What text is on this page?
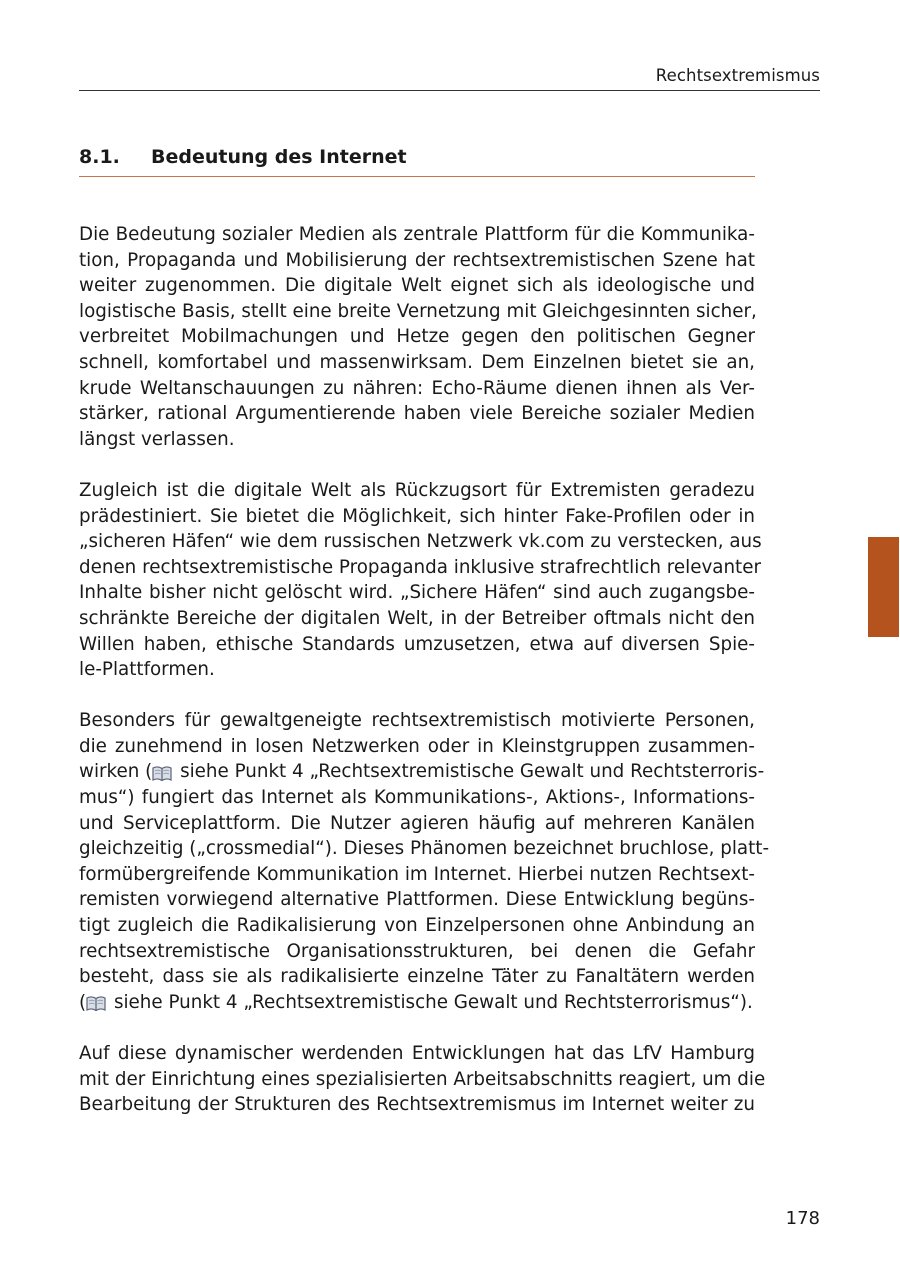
Rechtsextremismus
8.1. Bedeutung des Internet
Die Bedeutung sozialer Medien als zentrale Plattform für die Kommunika-
tion, Propaganda und Mobilisierung der rechtsextremistischen Szene hat
weiter zugenommen. Die digitale Welt eignet sich als ideologische und
logistische Basis, stellt eine breite Vernetzung mit Gleichgesinnten sicher,
verbreitet Mobilmachungen und Hetze gegen den politischen Gegner
schnell, komfortabel und massenwirksam. Dem Einzelnen bietet sie an,
krude Weltanschauungen zu nähren: Echo-Räume dienen ihnen als Ver-
stärker, rational Argumentierende haben viele Bereiche sozialer Medien
längst verlassen.
Zugleich ist die digitale Welt als Rückzugsort für Extremisten geradezu
prädestiniert. Sie bietet die Möglichkeit, sich hinter Fake-Profilen oder in
„sicheren Häfen“ wie dem russischen Netzwerk vk.com zu verstecken, aus
denen rechtsextremistische Propaganda inklusive strafrechtlich relevanter
Inhalte bisher nicht gelöscht wird. „Sichere Häfen“ sind auch zugangsbe-
schränkte Bereiche der digitalen Welt, in der Betreiber oftmals nicht den
Willen haben, ethische Standards umzusetzen, etwa auf diversen Spie-
le-Plattformen.
Besonders für gewaltgeneigte rechtsextremistisch motivierte Personen,
die zunehmend in losen Netzwerken oder in Kleinstgruppen zusammen-
wirken ( siehe Punkt 4 „Rechtsextremistische Gewalt und Rechtsterroris-
mus“) fungiert das Internet als Kommunikations-, Aktions-, Informations-
und Serviceplattform. Die Nutzer agieren häufig auf mehreren Kanälen
gleichzeitig („crossmedial“). Dieses Phänomen bezeichnet bruchlose, platt-
formübergreifende Kommunikation im Internet. Hierbei nutzen Rechtsext-
remisten vorwiegend alternative Plattformen. Diese Entwicklung begüns-
tigt zugleich die Radikalisierung von Einzelpersonen ohne Anbindung an
rechtsextremistische Organisationsstrukturen, bei denen die Gefahr
besteht, dass sie als radikalisierte einzelne Täter zu Fanaltätern werden
( siehe Punkt 4 „Rechtsextremistische Gewalt und Rechtsterrorismus“).
Auf diese dynamischer werdenden Entwicklungen hat das LfV Hamburg
mit der Einrichtung eines spezialisierten Arbeitsabschnitts reagiert, um die
Bearbeitung der Strukturen des Rechtsextremismus im Internet weiter zu
178
